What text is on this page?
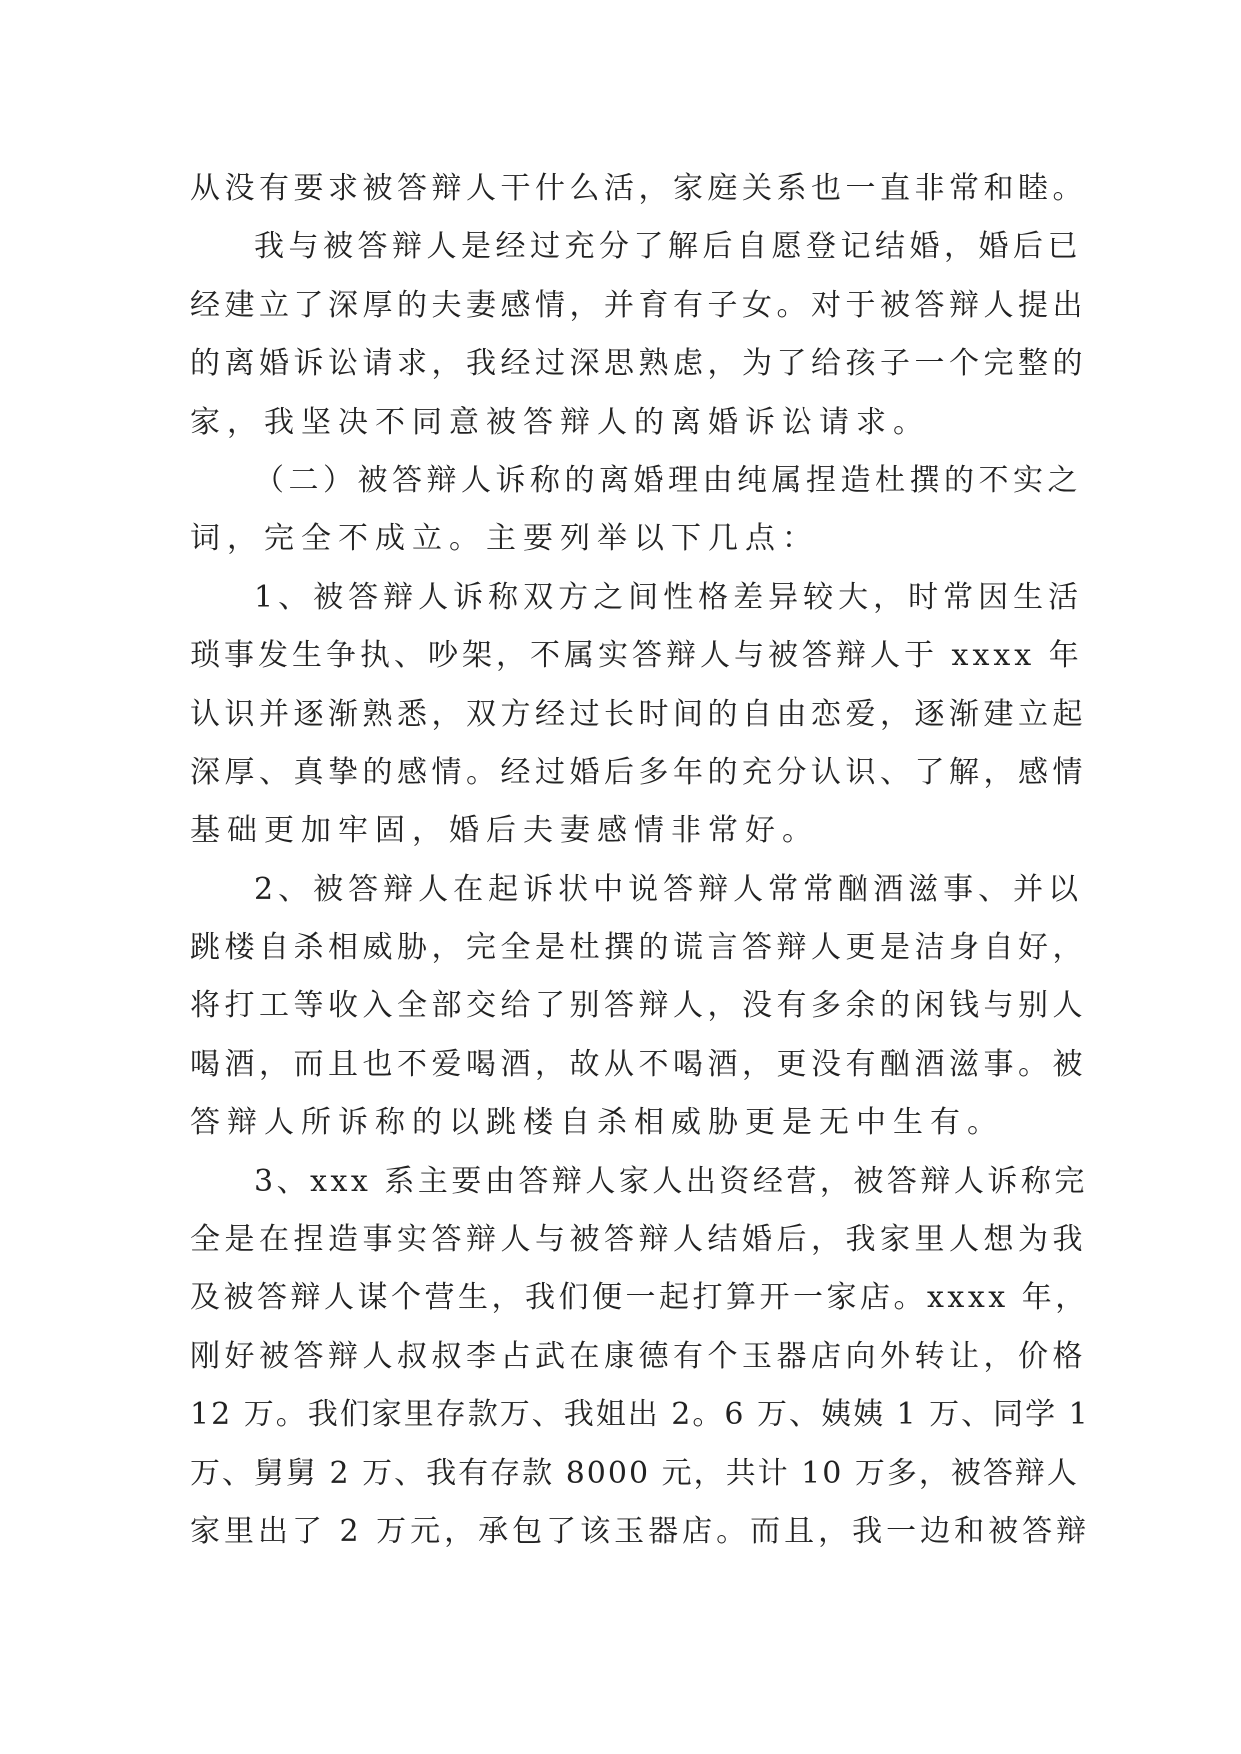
从没有要求被答辩人干什么活，家庭关系也一直非常和睦。
我与被答辩人是经过充分了解后自愿登记结婚，婚后已
经建立了深厚的夫妻感情，并育有子女。对于被答辩人提出
的离婚诉讼请求，我经过深思熟虑，为了给孩子一个完整的
家，我坚决不同意被答辩人的离婚诉讼请求。
（二）被答辩人诉称的离婚理由纯属捏造杜撰的不实之
词，完全不成立。主要列举以下几点：
1、被答辩人诉称双方之间性格差异较大，时常因生活
琐事发生争执、吵架，不属实答辩人与被答辩人于 xxxx 年
认识并逐渐熟悉，双方经过长时间的自由恋爱，逐渐建立起
深厚、真挚的感情。经过婚后多年的充分认识、了解，感情
基础更加牢固，婚后夫妻感情非常好。
2、被答辩人在起诉状中说答辩人常常酗酒滋事、并以
跳楼自杀相威胁，完全是杜撰的谎言答辩人更是洁身自好，
将打工等收入全部交给了别答辩人，没有多余的闲钱与别人
喝酒，而且也不爱喝酒，故从不喝酒，更没有酗酒滋事。被
答辩人所诉称的以跳楼自杀相威胁更是无中生有。
3、xxx 系主要由答辩人家人出资经营，被答辩人诉称完
全是在捏造事实答辩人与被答辩人结婚后，我家里人想为我
及被答辩人谋个营生，我们便一起打算开一家店。xxxx 年，
刚好被答辩人叔叔李占武在康德有个玉器店向外转让，价格
12 万。我们家里存款万、我姐出 2。6 万、姨姨 1 万、同学 1
万、舅舅 2 万、我有存款 8000 元，共计 10 万多，被答辩人
家里出了 2 万元，承包了该玉器店。而且，我一边和被答辩
